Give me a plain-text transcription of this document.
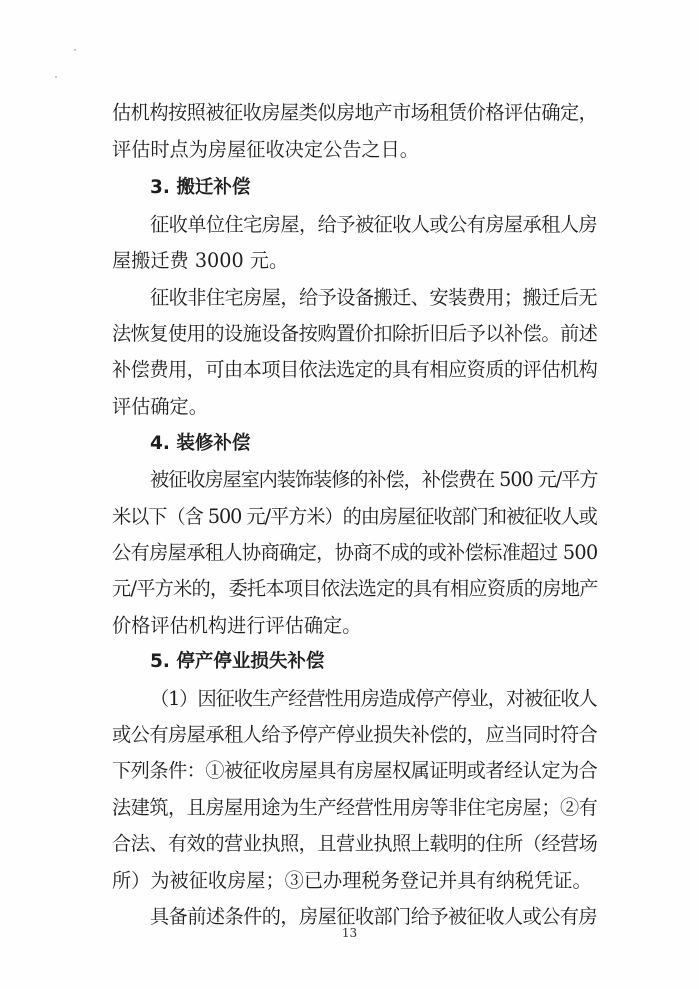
估机构按照被征收房屋类似房地产市场租赁价格评估确定，
评估时点为房屋征收决定公告之日。
3. 搬迁补偿
征收单位住宅房屋，给予被征收人或公有房屋承租人房
屋搬迁费 3000 元。
征收非住宅房屋，给予设备搬迁、安装费用；搬迁后无
法恢复使用的设施设备按购置价扣除折旧后予以补偿。前述
补偿费用，可由本项目依法选定的具有相应资质的评估机构
评估确定。
4. 装修补偿
被征收房屋室内装饰装修的补偿，补偿费在 500 元/平方
米以下（含 500 元/平方米）的由房屋征收部门和被征收人或
公有房屋承租人协商确定，协商不成的或补偿标准超过 500
元/平方米的，委托本项目依法选定的具有相应资质的房地产
价格评估机构进行评估确定。
5. 停产停业损失补偿
（1）因征收生产经营性用房造成停产停业，对被征收人
或公有房屋承租人给予停产停业损失补偿的，应当同时符合
下列条件：①被征收房屋具有房屋权属证明或者经认定为合
法建筑，且房屋用途为生产经营性用房等非住宅房屋；②有
合法、有效的营业执照，且营业执照上载明的住所（经营场
所）为被征收房屋；③已办理税务登记并具有纳税凭证。
具备前述条件的，房屋征收部门给予被征收人或公有房
13
